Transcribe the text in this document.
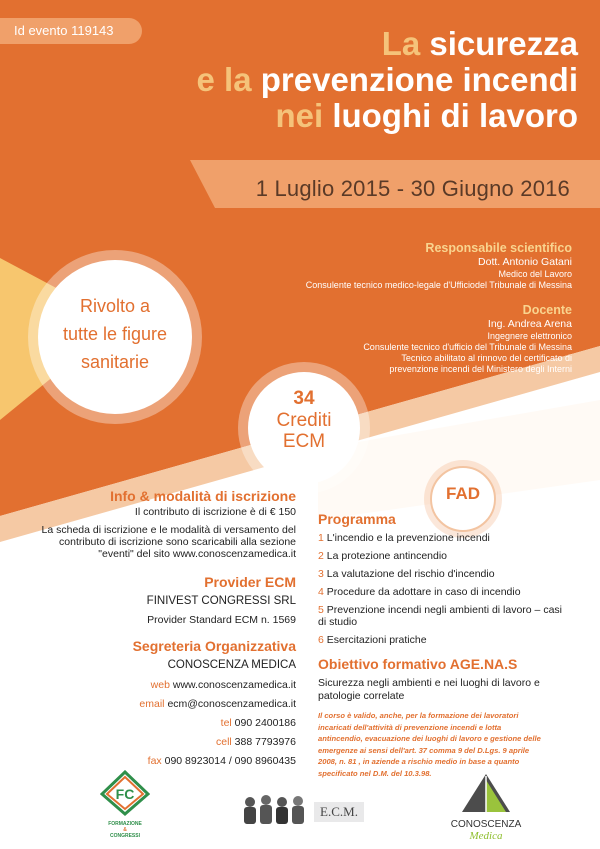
Id evento 119143	La sicurezza
e la prevenzione incendi
nei luoghi di lavoro
1 Luglio 2015 - 30 Giugno 2016
Responsabile scientifico
Dott. Antonio Gatani
Medico del Lavoro
Consulente tecnico medico-legale d'Ufficiodel Tribunale di Messina
Docente
Ing. Andrea Arena
Ingegnere elettronico
Consulente tecnico d'ufficio del Tribunale di Messina
Tecnico abilitato al rinnovo del certificato di
prevenzione incendi del Ministero degli Interni
Rivolto a
tutte le figure
sanitarie
34
Crediti
ECM
FAD
Info & modalità di iscrizione
Il contributo di iscrizione è di € 150
La scheda di iscrizione e le modalità di versamento del
contributo di iscrizione sono scaricabili alla sezione
"eventi" del sito www.conoscenzamedica.it
Provider ECM
FINIVEST CONGRESSI SRL
Provider Standard ECM n. 1569
Segreteria Organizzativa
CONOSCENZA MEDICA
web www.conoscenzamedica.it
email ecm@conoscenzamedica.it
tel 090 2400186
cell 388 7793976
fax 090 8923014 / 090 8960435
Programma
1 L'incendio e la prevenzione incendi
2 La protezione antincendio
3 La valutazione del rischio d'incendio
4 Procedure da adottare in caso di incendio
5 Prevenzione incendi negli ambienti di lavoro – casi
di studio
6 Esercitazioni pratiche
Obiettivo formativo AGE.NA.S
Sicurezza negli ambienti e nei luoghi di lavoro e
patologie correlate
Il corso è valido, anche, per la formazione dei lavoratori
incaricati dell'attività di prevenzione incendi e lotta
antincendio, evacuazione dei luoghi di lavoro e gestione delle
emergenze ai sensi dell'art. 37 comma 9 del D.Lgs. 9 aprile
2008, n. 81 , in aziende a rischio medio in base a quanto
specificato nel D.M. del 10.3.98.
FC
FORMAZIONE
&
CONGRESSI
E.C.M.
CONOSCENZA
Medica
